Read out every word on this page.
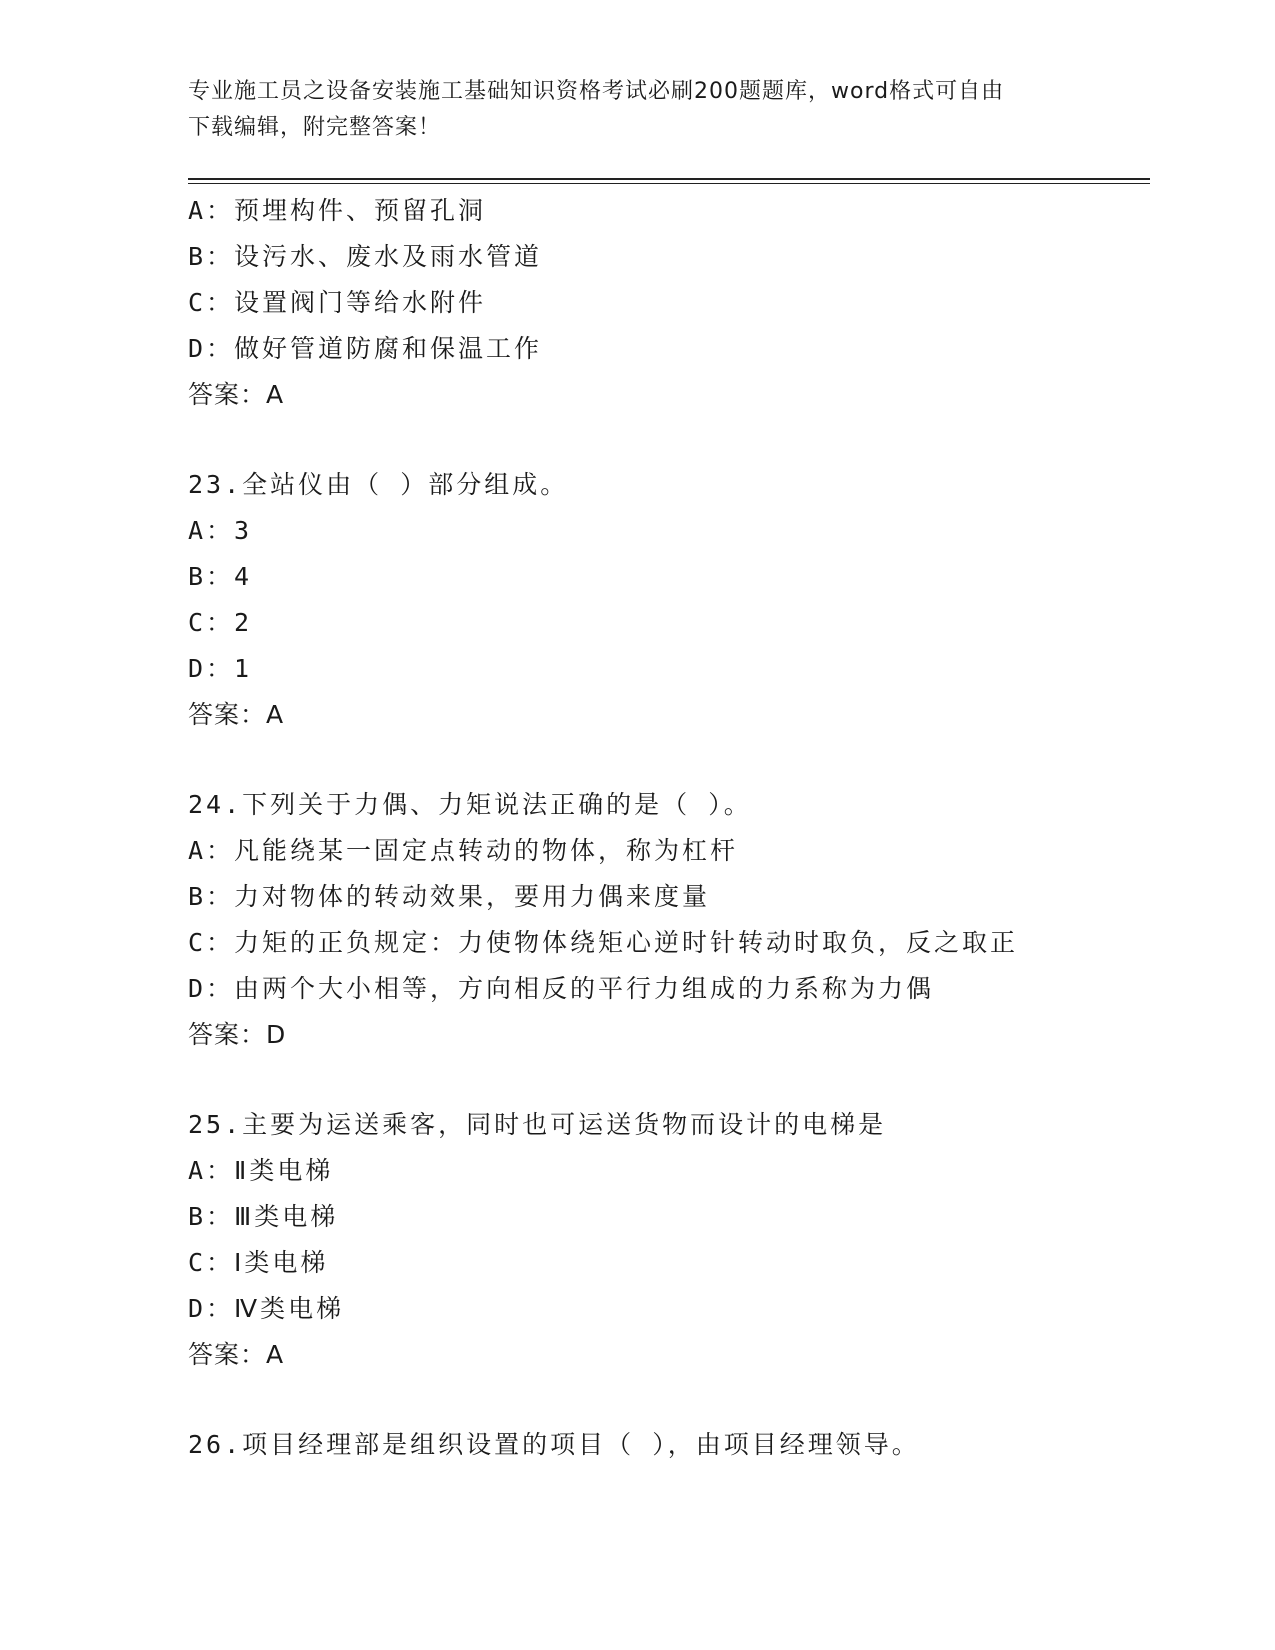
专业施工员之设备安装施工基础知识资格考试必刷200题题库，word格式可自由
下载编辑，附完整答案！
A：预埋构件、预留孔洞
B：设污水、废水及雨水管道
C：设置阀门等给水附件
D：做好管道防腐和保温工作
答案：A
23.全站仪由（ ）部分组成。
A：3
B：4
C：2
D：1
答案：A
24.下列关于力偶、力矩说法正确的是（ ）。
A：凡能绕某一固定点转动的物体，称为杠杆
B：力对物体的转动效果，要用力偶来度量
C：力矩的正负规定：力使物体绕矩心逆时针转动时取负，反之取正
D：由两个大小相等，方向相反的平行力组成的力系称为力偶
答案：D
25.主要为运送乘客，同时也可运送货物而设计的电梯是
A：Ⅱ类电梯
B：Ⅲ类电梯
C：Ⅰ类电梯
D：Ⅳ类电梯
答案：A
26.项目经理部是组织设置的项目（ ），由项目经理领导。
